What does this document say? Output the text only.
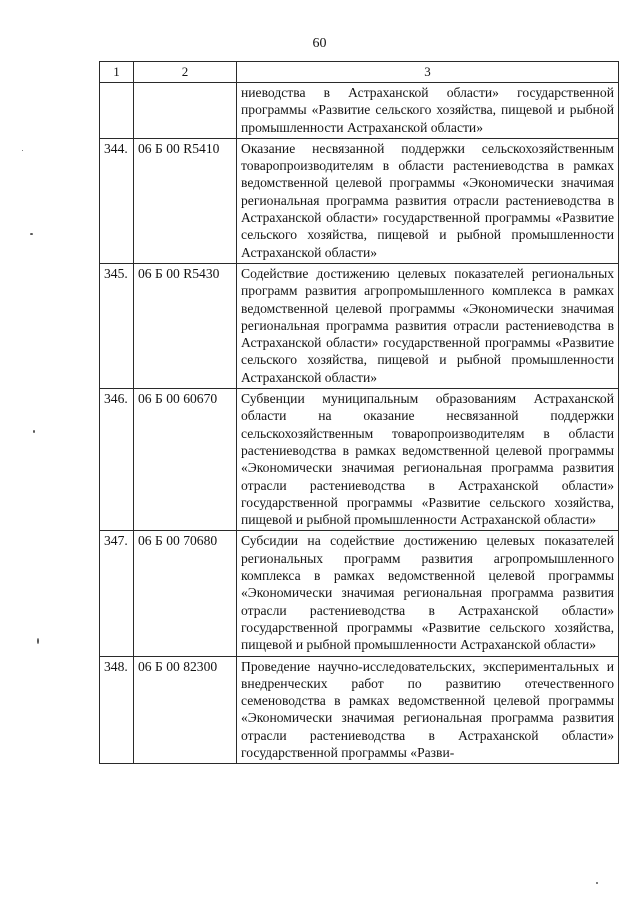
60
1	2	3
		ниеводства в Астраханской области» государственной программы «Развитие сельского хозяйства, пищевой и рыбной промышленности Астраханской области»
344.	06 Б 00 R5410	Оказание несвязанной поддержки сельскохозяйственным товаропроизводителям в области растениеводства в рамках ведомственной целевой программы «Экономически значимая региональная программа развития отрасли растениеводства в Астраханской области» государственной программы «Развитие сельского хозяйства, пищевой и рыбной промышленности Астраханской области»
345.	06 Б 00 R5430	Содействие достижению целевых показателей региональных программ развития агропромышленного комплекса в рамках ведомственной целевой программы «Экономически значимая региональная программа развития отрасли растениеводства в Астраханской области» государственной программы «Развитие сельского хозяйства, пищевой и рыбной промышленности Астраханской области»
346.	06 Б 00 60670	Субвенции муниципальным образованиям Астраханской области на оказание несвязанной поддержки сельскохозяйственным товаропроизводителям в области растениеводства в рамках ведомственной целевой программы «Экономически значимая региональная программа развития отрасли растениеводства в Астраханской области» государственной программы «Развитие сельского хозяйства, пищевой и рыбной промышленности Астраханской области»
347.	06 Б 00 70680	Субсидии на содействие достижению целевых показателей региональных программ развития агропромышленного комплекса в рамках ведомственной целевой программы «Экономически значимая региональная программа развития отрасли растениеводства в Астраханской области» государственной программы «Развитие сельского хозяйства, пищевой и рыбной промышленности Астраханской области»
348.	06 Б 00 82300	Проведение научно-исследовательских, экспериментальных и внедренческих работ по развитию отечественного семеноводства в рамках ведомственной целевой программы «Экономически значимая региональная программа развития отрасли растениеводства в Астраханской области» государственной программы «Разви-
